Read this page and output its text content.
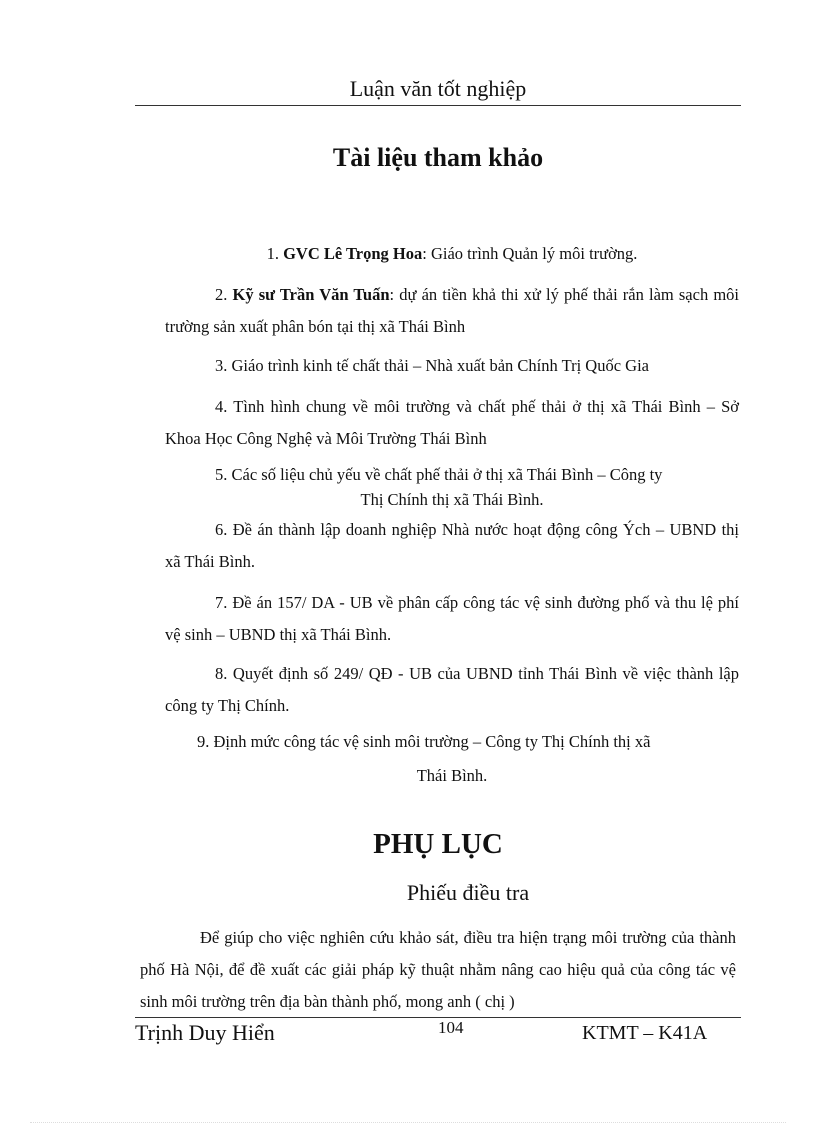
Luận văn tốt nghiệp
Tài liệu tham khảo
1. GVC Lê Trọng Hoa: Giáo trình Quản lý môi trường.
2. Kỹ sư Trần Văn Tuấn: dự án tiền khả thi xử lý phế thải rắn làm sạch môi trường sản xuất phân bón tại thị xã Thái Bình
3. Giáo trình kinh tế chất thải – Nhà xuất bản Chính Trị Quốc Gia
4. Tình hình chung về môi trường và chất phế thải ở thị xã Thái Bình – Sở Khoa Học Công Nghệ và Môi Trường Thái Bình

5. Các số liệu chủ yếu về chất phế thải ở thị xã Thái Bình – Công ty

Thị Chính thị xã Thái Bình.

6. Đề án thành lập doanh nghiệp Nhà nước hoạt động công Ých – UBND thị xã Thái Bình.
7. Đề án 157/ DA - UB về phân cấp công tác vệ sinh đường phố và thu lệ phí vệ sinh – UBND thị xã Thái Bình.
8. Quyết định số 249/ QĐ - UB của UBND tỉnh Thái Bình về việc thành lập công ty Thị Chính.

9. Định mức công tác vệ sinh môi trường – Công ty Thị Chính thị xã

Thái Bình.

PHỤ LỤC
Phiếu điều tra
Để giúp cho việc nghiên cứu khảo sát, điều tra hiện trạng môi trường của thành phố Hà Nội, để đề xuất các giải pháp kỹ thuật nhằm nâng cao hiệu quả của công tác vệ sinh môi trường trên địa bàn thành phố, mong anh ( chị )
Trịnh Duy Hiển	104	KTMT – K41A
